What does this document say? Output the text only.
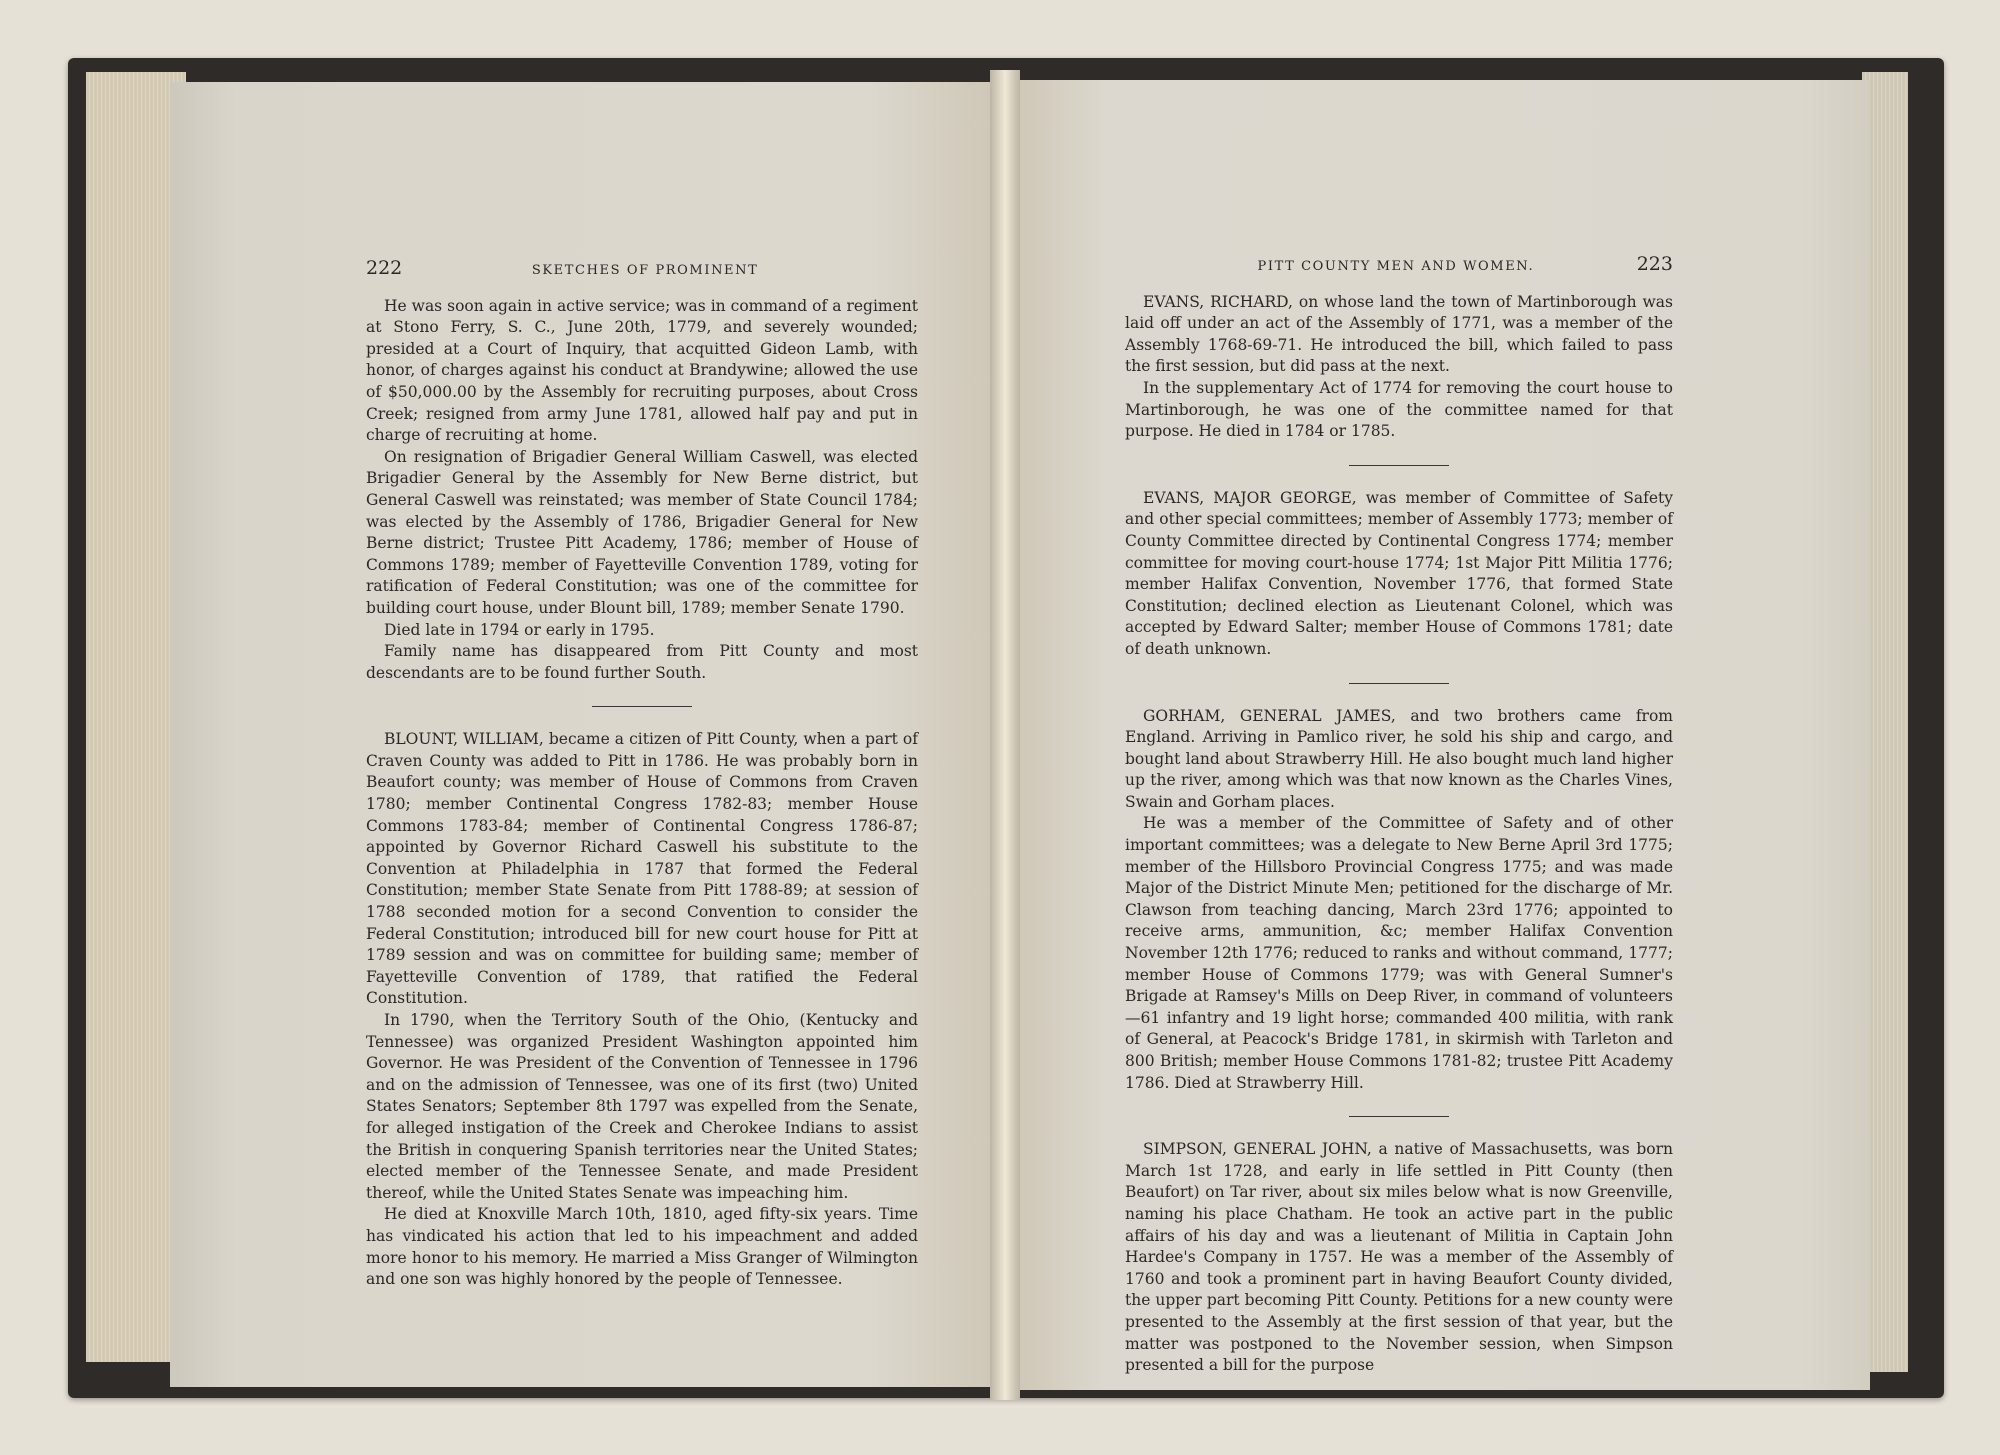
222	SKETCHES OF PROMINENT

He was soon again in active service; was in command of a regiment at Stono Ferry, S. C., June 20th, 1779, and severely wounded; presided at a Court of Inquiry, that acquitted Gideon Lamb, with honor, of charges against his conduct at Brandywine; allowed the use of $50,000.00 by the Assembly for recruiting purposes, about Cross Creek; resigned from army June 1781, allowed half pay and put in charge of recruiting at home.

On resignation of Brigadier General William Caswell, was elected Brigadier General by the Assembly for New Berne district, but General Caswell was reinstated; was member of State Council 1784; was elected by the Assembly of 1786, Brigadier General for New Berne district; Trustee Pitt Academy, 1786; member of House of Commons 1789; member of Fayetteville Convention 1789, voting for ratification of Federal Constitution; was one of the committee for building court house, under Blount bill, 1789; member Senate 1790.

Died late in 1794 or early in 1795.

Family name has disappeared from Pitt County and most descendants are to be found further South.

BLOUNT, WILLIAM, became a citizen of Pitt County, when a part of Craven County was added to Pitt in 1786. He was probably born in Beaufort county; was member of House of Commons from Craven 1780; member Continental Congress 1782-83; member House Commons 1783-84; member of Continental Congress 1786-87; appointed by Governor Richard Caswell his substitute to the Convention at Philadelphia in 1787 that formed the Federal Constitution; member State Senate from Pitt 1788-89; at session of 1788 seconded motion for a second Convention to consider the Federal Constitution; introduced bill for new court house for Pitt at 1789 session and was on committee for building same; member of Fayetteville Convention of 1789, that ratified the Federal Constitution.

In 1790, when the Territory South of the Ohio, (Kentucky and Tennessee) was organized President Washington appointed him Governor. He was President of the Convention of Tennessee in 1796 and on the admission of Tennessee, was one of its first (two) United States Senators; September 8th 1797 was expelled from the Senate, for alleged instigation of the Creek and Cherokee Indians to assist the British in conquering Spanish territories near the United States; elected member of the Tennessee Senate, and made President thereof, while the United States Senate was impeaching him.

He died at Knoxville March 10th, 1810, aged fifty-six years. Time has vindicated his action that led to his impeachment and added more honor to his memory. He married a Miss Granger of Wilmington and one son was highly honored by the people of Tennessee.

PITT COUNTY MEN AND WOMEN.	223

EVANS, RICHARD, on whose land the town of Martinborough was laid off under an act of the Assembly of 1771, was a member of the Assembly 1768-69-71. He introduced the bill, which failed to pass the first session, but did pass at the next.

In the supplementary Act of 1774 for removing the court house to Martinborough, he was one of the committee named for that purpose. He died in 1784 or 1785.

EVANS, MAJOR GEORGE, was member of Committee of Safety and other special committees; member of Assembly 1773; member of County Committee directed by Continental Congress 1774; member committee for moving court-house 1774; 1st Major Pitt Militia 1776; member Halifax Convention, November 1776, that formed State Constitution; declined election as Lieutenant Colonel, which was accepted by Edward Salter; member House of Commons 1781; date of death unknown.

GORHAM, GENERAL JAMES, and two brothers came from England. Arriving in Pamlico river, he sold his ship and cargo, and bought land about Strawberry Hill. He also bought much land higher up the river, among which was that now known as the Charles Vines, Swain and Gorham places.

He was a member of the Committee of Safety and of other important committees; was a delegate to New Berne April 3rd 1775; member of the Hillsboro Provincial Congress 1775; and was made Major of the District Minute Men; petitioned for the discharge of Mr. Clawson from teaching dancing, March 23rd 1776; appointed to receive arms, ammunition, &c; member Halifax Convention November 12th 1776; reduced to ranks and without command, 1777; member House of Commons 1779; was with General Sumner's Brigade at Ramsey's Mills on Deep River, in command of volunteers—61 infantry and 19 light horse; commanded 400 militia, with rank of General, at Peacock's Bridge 1781, in skirmish with Tarleton and 800 British; member House Commons 1781-82; trustee Pitt Academy 1786. Died at Strawberry Hill.

SIMPSON, GENERAL JOHN, a native of Massachusetts, was born March 1st 1728, and early in life settled in Pitt County (then Beaufort) on Tar river, about six miles below what is now Greenville, naming his place Chatham. He took an active part in the public affairs of his day and was a lieutenant of Militia in Captain John Hardee's Company in 1757. He was a member of the Assembly of 1760 and took a prominent part in having Beaufort County divided, the upper part becoming Pitt County. Petitions for a new county were presented to the Assembly at the first session of that year, but the matter was postponed to the November session, when Simpson presented a bill for the purpose
